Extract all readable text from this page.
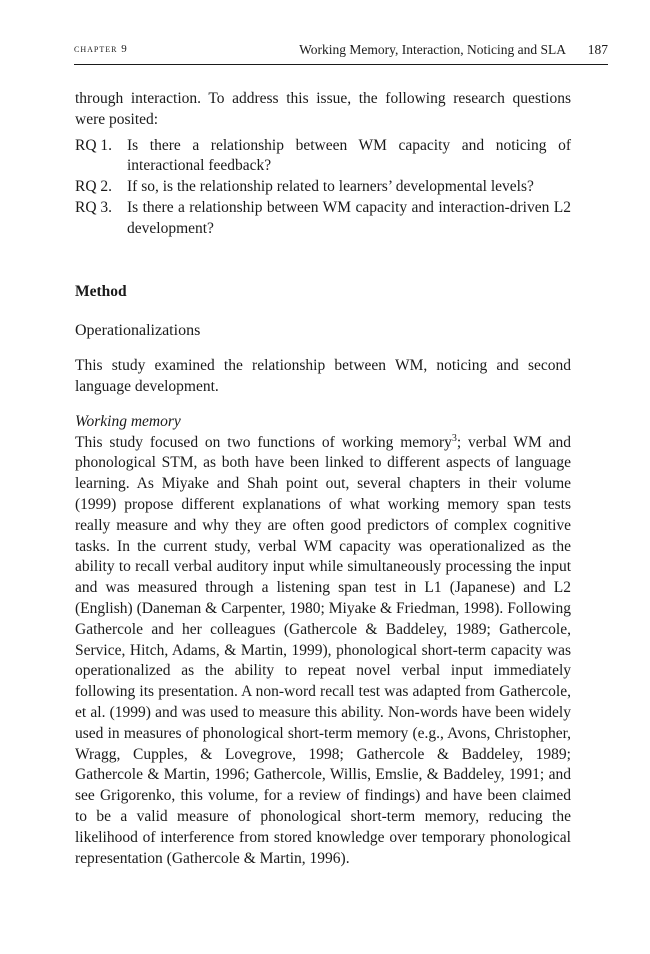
chapter 9	Working Memory, Interaction, Noticing and SLA 187

through interaction. To address this issue, the following research questions were posited:

RQ 1. Is there a relationship between WM capacity and noticing of interactional feedback?
RQ 2. If so, is the relationship related to learners’ developmental levels?
RQ 3. Is there a relationship between WM capacity and interaction-driven L2 development?
Method
Operationalizations

This study examined the relationship between WM, noticing and second language development.

Working memory

This study focused on two functions of working memory$^3$; verbal WM and phonological STM, as both have been linked to different aspects of language learning. As Miyake and Shah point out, several chapters in their volume (1999) propose different explanations of what working memory span tests really measure and why they are often good predictors of complex cognitive tasks. In the current study, verbal WM capacity was operationalized as the ability to recall verbal auditory input while simultaneously processing the input and was measured through a listening span test in L1 (Japanese) and L2 (English) (Daneman & Carpenter, 1980; Miyake & Friedman, 1998). Following Gathercole and her colleagues (Gathercole & Baddeley, 1989; Gathercole, Service, Hitch, Adams, & Martin, 1999), phonological short-term capacity was operationalized as the ability to repeat novel verbal input immediately following its presentation. A non-word recall test was adapted from Gathercole, et al. (1999) and was used to measure this ability. Non-words have been widely used in measures of phonological short-term memory (e.g., Avons, Christopher, Wragg, Cupples, & Lovegrove, 1998; Gathercole & Baddeley, 1989; Gathercole & Martin, 1996; Gathercole, Willis, Emslie, & Baddeley, 1991; and see Grigorenko, this volume, for a review of findings) and have been claimed to be a valid measure of phonological short-term memory, reducing the likelihood of interference from stored knowledge over temporary phonological representation (Gathercole & Martin, 1996).
